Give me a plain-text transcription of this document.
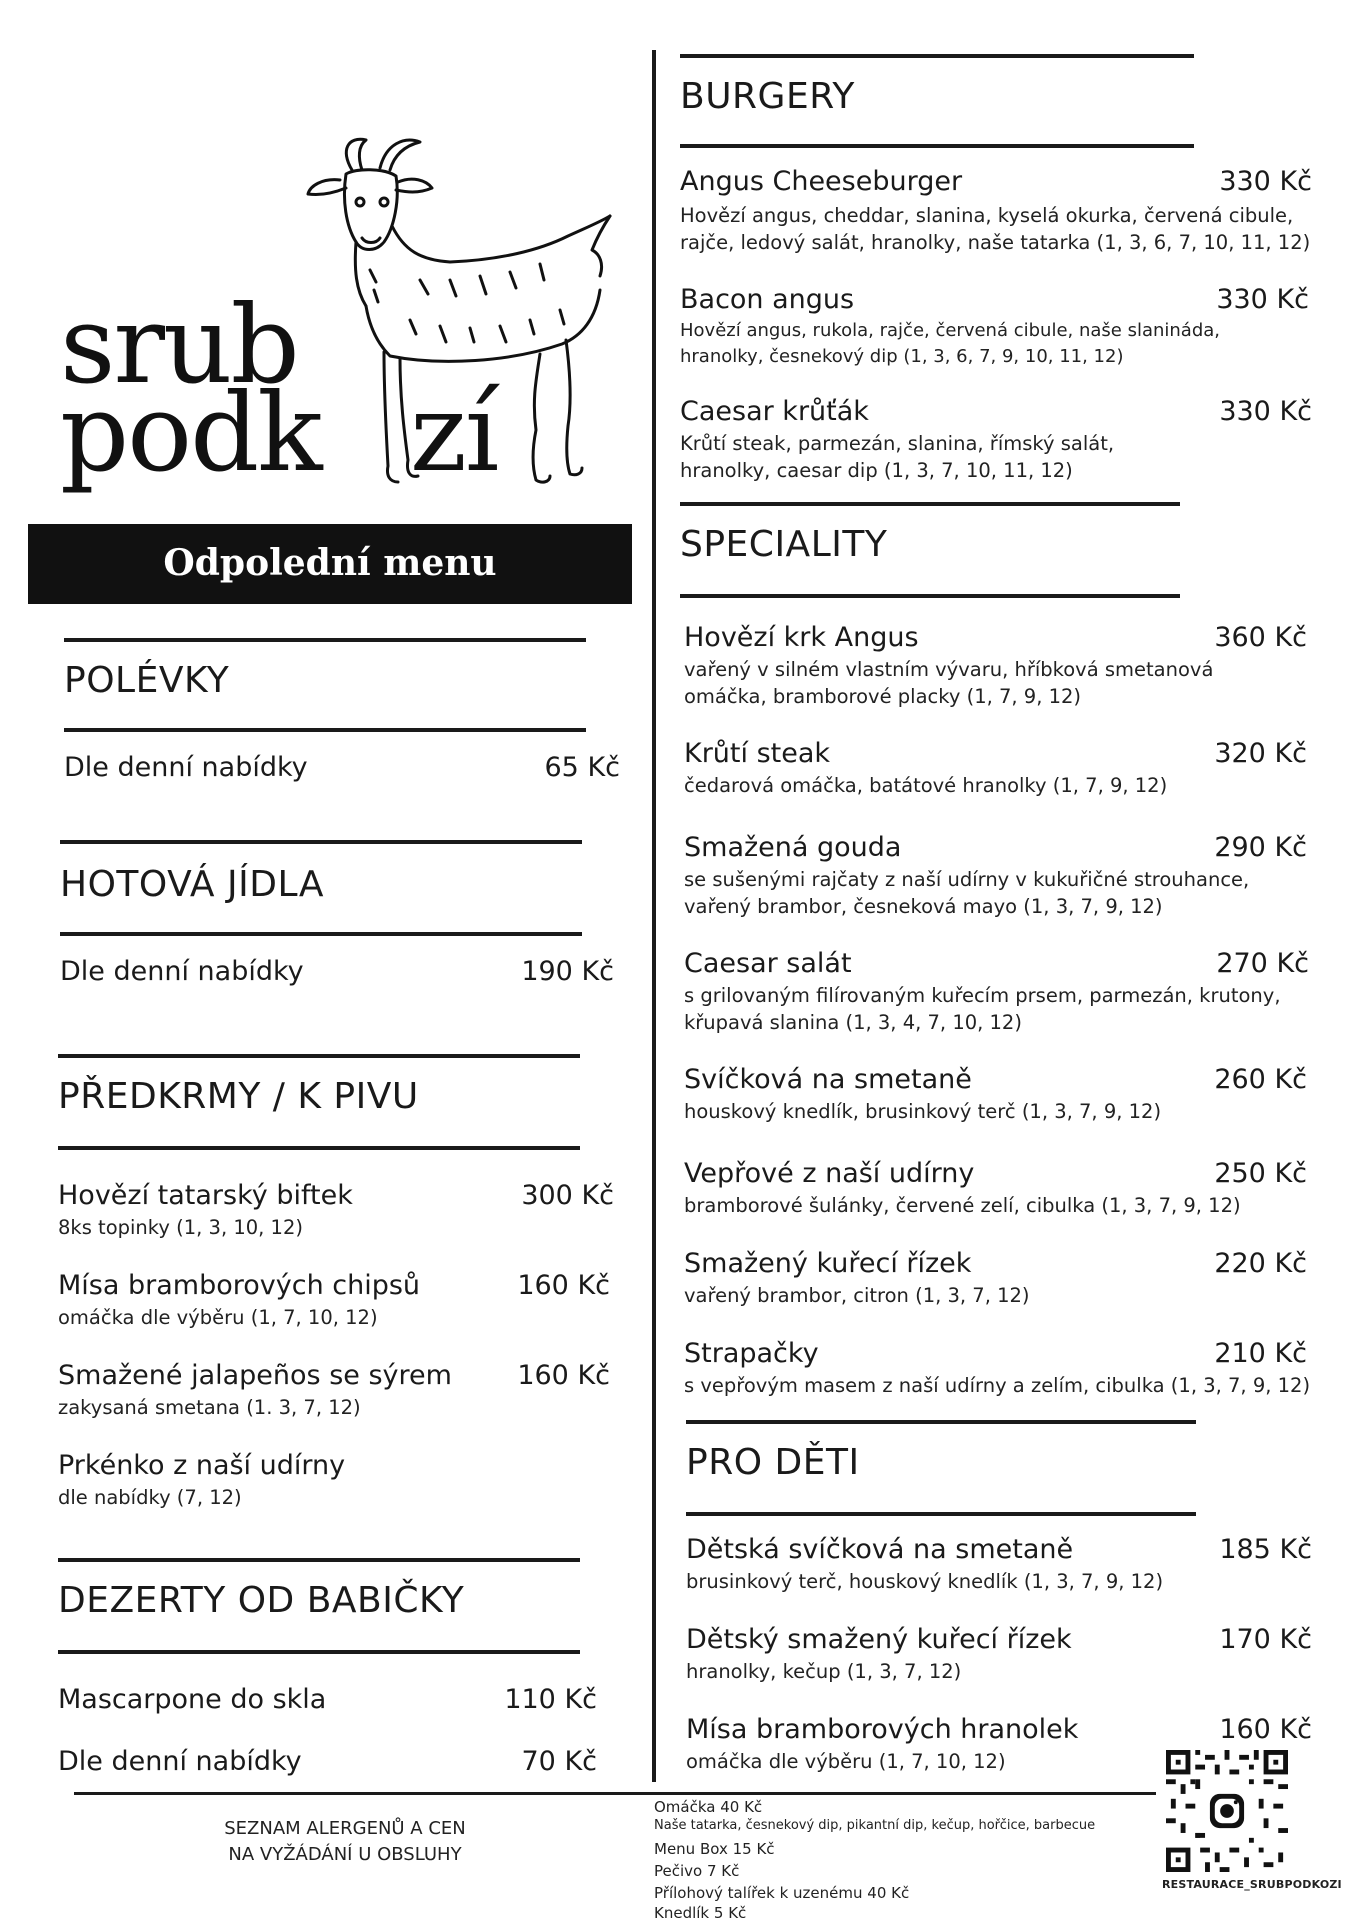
srub
podk zí
Odpolední menu
POLÉVKY
Dle denní nabídky	65 Kč
HOTOVÁ JÍDLA
Dle denní nabídky	190 Kč
PŘEDKRMY / K PIVU
Hovězí tatarský biftek	300 Kč
8ks topinky (1, 3, 10, 12)
Mísa bramborových chipsů	160 Kč
omáčka dle výběru (1, 7, 10, 12)
Smažené jalapeños se sýrem 160 Kč
zakysaná smetana (1. 3, 7, 12)
Prkénko z naší udírny
dle nabídky (7, 12)
DEZERTY OD BABIČKY
Mascarpone do skla	110 Kč
Dle denní nabídky	70 Kč
BURGERY
Angus Cheeseburger	330 Kč
Hovězí angus, cheddar, slanina, kyselá okurka, červená cibule, rajče, ledový salát, hranolky, naše tatarka (1, 3, 6, 7, 10, 11, 12)
Bacon angus	330 Kč
Hovězí angus, rukola, rajče, červená cibule, naše slanináda, hranolky, česnekový dip (1, 3, 6, 7, 9, 10, 11, 12)
Caesar krůťák	330 Kč
Krůtí steak, parmezán, slanina, římský salát, hranolky, caesar dip (1, 3, 7, 10, 11, 12)
SPECIALITY
Hovězí krk Angus	360 Kč
vařený v silném vlastním vývaru, hříbková smetanová omáčka, bramborové placky (1, 7, 9, 12)
Krůtí steak	320 Kč
čedarová omáčka, batátové hranolky (1, 7, 9, 12)
Smažená gouda	290 Kč
se sušenými rajčaty z naší udírny v kukuřičné strouhance, vařený brambor, česneková mayo (1, 3, 7, 9, 12)
Caesar salát	270 Kč
s grilovaným filírovaným kuřecím prsem, parmezán, krutony, křupavá slanina (1, 3, 4, 7, 10, 12)
Svíčková na smetaně	260 Kč
houskový knedlík, brusinkový terč (1, 3, 7, 9, 12)
Vepřové z naší udírny	250 Kč
bramborové šulánky, červené zelí, cibulka (1, 3, 7, 9, 12)
Smažený kuřecí řízek	220 Kč
vařený brambor, citron (1, 3, 7, 12)
Strapačky	210 Kč
s vepřovým masem z naší udírny a zelím, cibulka (1, 3, 7, 9, 12)
PRO DĚTI
Dětská svíčková na smetaně	185 Kč
brusinkový terč, houskový knedlík (1, 3, 7, 9, 12)
Dětský smažený kuřecí řízek	170 Kč
hranolky, kečup (1, 3, 7, 12)
Mísa bramborových hranolek	160 Kč
omáčka dle výběru (1, 7, 10, 12)
SEZNAM ALERGENŮ A CEN
NA VYŽÁDÁNÍ U OBSLUHY
Omáčka 40 Kč
Naše tatarka, česnekový dip, pikantní dip, kečup, hořčice, barbecue
Menu Box 15 Kč
Pečivo 7 Kč
Přílohový talířek k uzenému 40 Kč
Knedlík 5 Kč
RESTAURACE_SRUBPODKOZI
